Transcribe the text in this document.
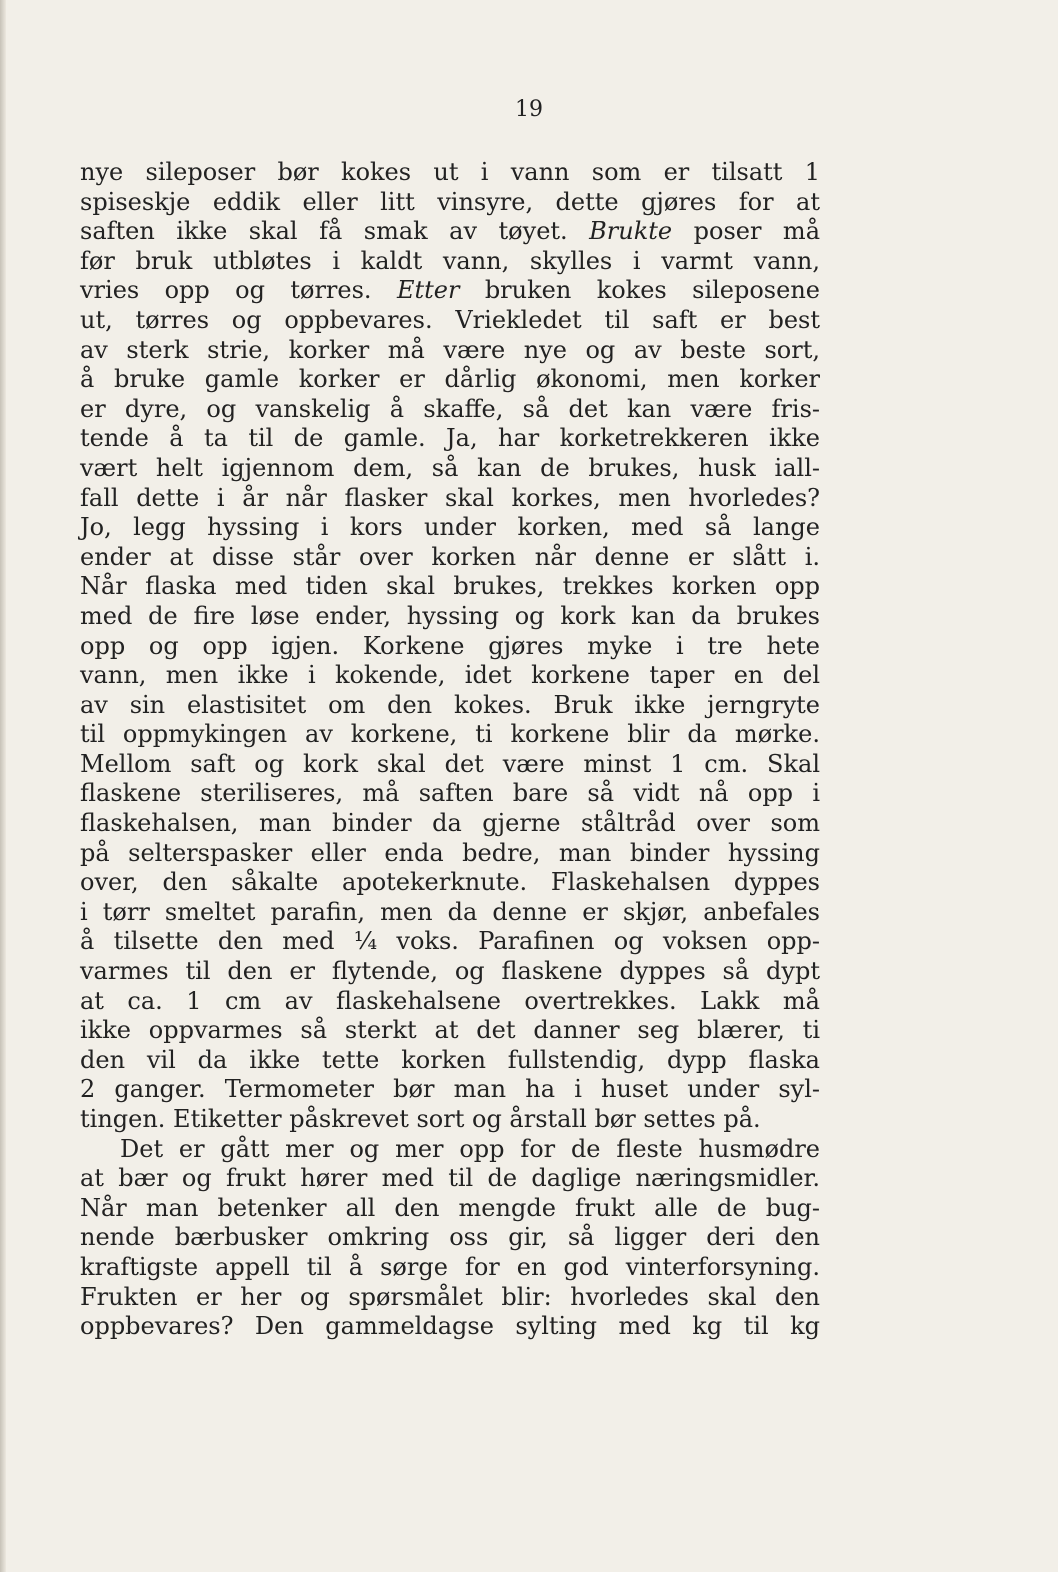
19
nye sileposer bør kokes ut i vann som er tilsatt 1
spiseskje eddik eller litt vinsyre, dette gjøres for at
saften ikke skal få smak av tøyet. Brukte poser må
før bruk utbløtes i kaldt vann, skylles i varmt vann,
vries opp og tørres. Etter bruken kokes sileposene
ut, tørres og oppbevares. Vriekledet til saft er best
av sterk strie, korker må være nye og av beste sort,
å bruke gamle korker er dårlig økonomi, men korker
er dyre, og vanskelig å skaffe, så det kan være fris-
tende å ta til de gamle. Ja, har korketrekkeren ikke
vært helt igjennom dem, så kan de brukes, husk iall-
fall dette i år når flasker skal korkes, men hvorledes?
Jo, legg hyssing i kors under korken, med så lange
ender at disse står over korken når denne er slått i.
Når flaska med tiden skal brukes, trekkes korken opp
med de fire løse ender, hyssing og kork kan da brukes
opp og opp igjen. Korkene gjøres myke i tre hete
vann, men ikke i kokende, idet korkene taper en del
av sin elastisitet om den kokes. Bruk ikke jerngryte
til oppmykingen av korkene, ti korkene blir da mørke.
Mellom saft og kork skal det være minst 1 cm. Skal
flaskene steriliseres, må saften bare så vidt nå opp i
flaskehalsen, man binder da gjerne ståltråd over som
på selterspasker eller enda bedre, man binder hyssing
over, den såkalte apotekerknute. Flaskehalsen dyppes
i tørr smeltet parafin, men da denne er skjør, anbefales
å tilsette den med ¼ voks. Parafinen og voksen opp-
varmes til den er flytende, og flaskene dyppes så dypt
at ca. 1 cm av flaskehalsene overtrekkes. Lakk må
ikke oppvarmes så sterkt at det danner seg blærer, ti
den vil da ikke tette korken fullstendig, dypp flaska
2 ganger. Termometer bør man ha i huset under syl-
tingen. Etiketter påskrevet sort og årstall bør settes på.
Det er gått mer og mer opp for de fleste husmødre
at bær og frukt hører med til de daglige næringsmidler.
Når man betenker all den mengde frukt alle de bug-
nende bærbusker omkring oss gir, så ligger deri den
kraftigste appell til å sørge for en god vinterforsyning.
Frukten er her og spørsmålet blir: hvorledes skal den
oppbevares? Den gammeldagse sylting med kg til kg
